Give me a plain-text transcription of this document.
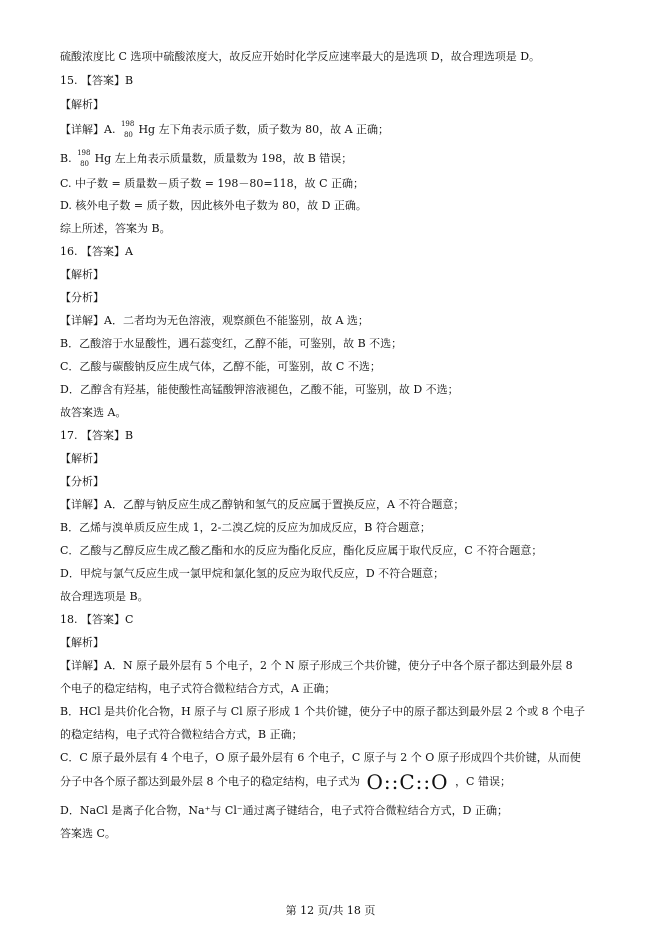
硫酸浓度比 C 选项中硫酸浓度大，故反应开始时化学反应速率最大的是选项 D，故合理选项是 D。
15. 【答案】B
【解析】
【详解】A. 198
80 Hg 左下角表示质子数，质子数为 80，故 A 正确；
B. 198
80 Hg 左上角表示质量数，质量数为 198，故 B 错误；
C. 中子数 = 质量数－质子数 = 198－80=118，故 C 正确；
D. 核外电子数 = 质子数，因此核外电子数为 80，故 D 正确。
综上所述，答案为 B。
16. 【答案】A
【解析】
【分析】
【详解】A．二者均为无色溶液，观察颜色不能鉴别，故 A 选；
B．乙酸溶于水显酸性，遇石蕊变红，乙醇不能，可鉴别，故 B 不选；
C．乙酸与碳酸钠反应生成气体，乙醇不能，可鉴别，故 C 不选；
D．乙醇含有羟基，能使酸性高锰酸钾溶液褪色，乙酸不能，可鉴别，故 D 不选；
故答案选 A。
17. 【答案】B
【解析】
【分析】
【详解】A．乙醇与钠反应生成乙醇钠和氢气的反应属于置换反应，A 不符合题意；
B．乙烯与溴单质反应生成 1，2-二溴乙烷的反应为加成反应，B 符合题意；
C．乙酸与乙醇反应生成乙酸乙酯和水的反应为酯化反应，酯化反应属于取代反应，C 不符合题意；
D．甲烷与氯气反应生成一氯甲烷和氯化氢的反应为取代反应，D 不符合题意；
故合理选项是 B。
18. 【答案】C
【解析】
【详解】A．N 原子最外层有 5 个电子，2 个 N 原子形成三个共价键，使分子中各个原子都达到最外层 8
个电子的稳定结构，电子式符合微粒结合方式，A 正确；
B．HCl 是共价化合物，H 原子与 Cl 原子形成 1 个共价键，使分子中的原子都达到最外层 2 个或 8 个电子
的稳定结构，电子式符合微粒结合方式，B 正确；
C．C 原子最外层有 4 个电子，O 原子最外层有 6 个电子，C 原子与 2 个 O 原子形成四个共价键，从而使
分子中各个原子都达到最外层 8 个电子的稳定结构，电子式为 O::C::O ，C 错误；
D．NaCl 是离子化合物，Na⁺与 Cl⁻通过离子键结合，电子式符合微粒结合方式，D 正确；
答案选 C。
第 12 页/共 18 页
